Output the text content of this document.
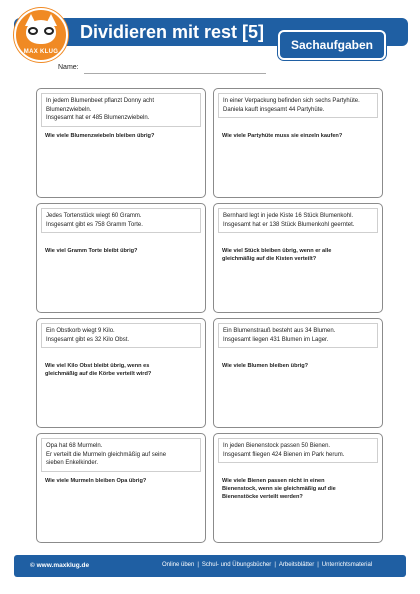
MAX KLUG
Dividieren mit rest [5]
Sachaufgaben
Name:
In jedem Blumenbeet pflanzt Donny acht
Blumenzwiebeln.
Insgesamt hat er 485 Blumenzwiebeln.
Wie viele Blumenzwiebeln bleiben übrig?
In einer Verpackung befinden sich sechs Partyhüte.
Daniela kauft insgesamt 44 Partyhüte.
Wie viele Partyhüte muss sie einzeln kaufen?
Jedes Tortenstück wiegt 60 Gramm.
Insgesamt gibt es 758 Gramm Torte.
Wie viel Gramm Torte bleibt übrig?
Bernhard legt in jede Kiste 16 Stück Blumenkohl.
Insgesamt hat er 138 Stück Blumenkohl geerntet.
Wie viel Stück bleiben übrig, wenn er alle
gleichmäßig auf die Kisten verteilt?
Ein Obstkorb wiegt 9 Kilo.
Insgesamt gibt es 32 Kilo Obst.
Wie viel Kilo Obst bleibt übrig, wenn es
gleichmäßig auf die Körbe verteilt wird?
Ein Blumenstrauß besteht aus 34 Blumen.
Insgesamt liegen 431 Blumen im Lager.
Wie viele Blumen bleiben übrig?
Opa hat 68 Murmeln.
Er verteilt die Murmeln gleichmäßig auf seine
sieben Enkelkinder.
Wie viele Murmeln bleiben Opa übrig?
In jeden Bienenstock passen 50 Bienen.
Insgesamt fliegen 424 Bienen im Park herum.
Wie viele Bienen passen nicht in einen
Bienenstock, wenn sie gleichmäßig auf die
Bienenstöcke verteilt werden?
© www.maxklug.de	Online üben | Schul- und Übungsbücher | Arbeitsblätter | Unterrichtsmaterial
